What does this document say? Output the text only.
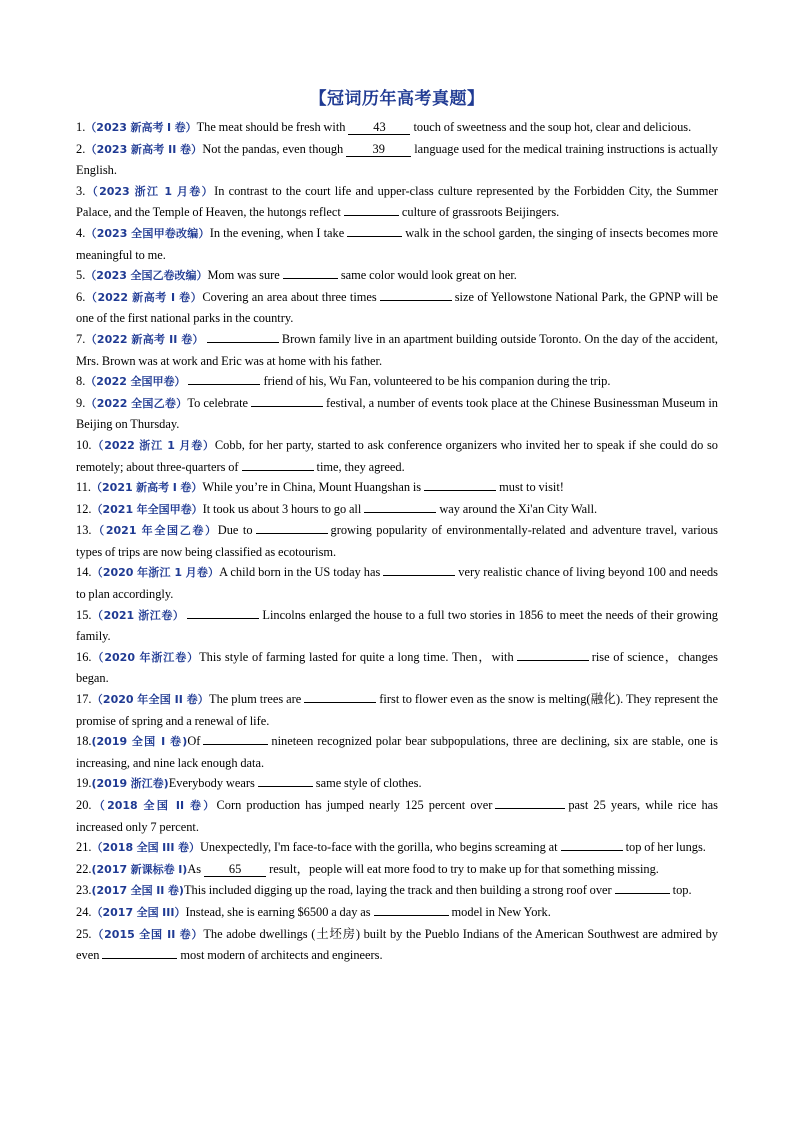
【冠词历年高考真题】

1.（2023 新高考 I 卷）The meat should be fresh with 43 touch of sweetness and the soup hot, clear and delicious.

2.（2023 新高考 II 卷）Not the pandas, even though 39 language used for the medical training instructions is actually English.

3.（2023 浙江 1 月卷）In contrast to the court life and upper-class culture represented by the Forbidden City, the Summer Palace, and the Temple of Heaven, the hutongs reflect	culture of grassroots Beijingers.

4.（2023 全国甲卷改编）In the evening, when I take	walk in the school garden, the singing of insects becomes more meaningful to me.

5.（2023 全国乙卷改编）Mom was sure	same color would look great on her.

6.（2022 新高考 I 卷）Covering an area about three times	size of Yellowstone National Park, the GPNP will be one of the first national parks in the country.

7.（2022 新高考 II 卷）	Brown family live in an apartment building outside Toronto. On the day of the accident, Mrs. Brown was at work and Eric was at home with his father.

8.（2022 全国甲卷）	friend of his, Wu Fan, volunteered to be his companion during the trip.

9.（2022 全国乙卷）To celebrate	festival, a number of events took place at the Chinese Businessman Museum in Beijing on Thursday.

10.（2022 浙江 1 月卷）Cobb, for her party, started to ask conference organizers who invited her to speak if she could do so remotely; about three-quarters of	time, they agreed.

11.（2021 新高考 I 卷）While you’re in China, Mount Huangshan is	must to visit!

12.（2021 年全国甲卷）It took us about 3 hours to go all	way around the Xi'an City Wall.

13.（2021 年全国乙卷）Due to	growing popularity of environmentally-related and adventure travel, various types of trips are now being classified as ecotourism.

14.（2020 年浙江 1 月卷）A child born in the US today has	very realistic chance of living beyond 100 and needs to plan accordingly.

15.（2021 浙江卷）	Lincolns enlarged the house to a full two stories in 1856 to meet the needs of their growing family.

16.（2020 年浙江卷）This style of farming lasted for quite a long time. Then，with	rise of science，changes began.

17.（2020 年全国 II 卷）The plum trees are	first to flower even as the snow is melting(融化). They represent the promise of spring and a renewal of life.

18.(2019 全国 I 卷)Of	nineteen recognized polar bear subpopulations, three are declining, six are stable, one is increasing, and nine lack enough data.

19.(2019 浙江卷)Everybody wears	same style of clothes.

20.（2018 全国 II 卷）Corn production has jumped nearly 125 percent over	past 25 years, while rice has increased only 7 percent.

21.（2018 全国 III 卷）Unexpectedly, I'm face-to-face with the gorilla, who begins screaming at	top of her lungs.

22.(2017 新课标卷 I)As 65 result，people will eat more food to try to make up for that something missing.

23.(2017 全国 II 卷)This included digging up the road, laying the track and then building a strong roof over	top.

24.（2017 全国 III）Instead, she is earning $6500 a day as	model in New York.

25.（2015 全国 II 卷）The adobe dwellings (土坯房) built by the Pueblo Indians of the American Southwest are admired by even	most modern of architects and engineers.
